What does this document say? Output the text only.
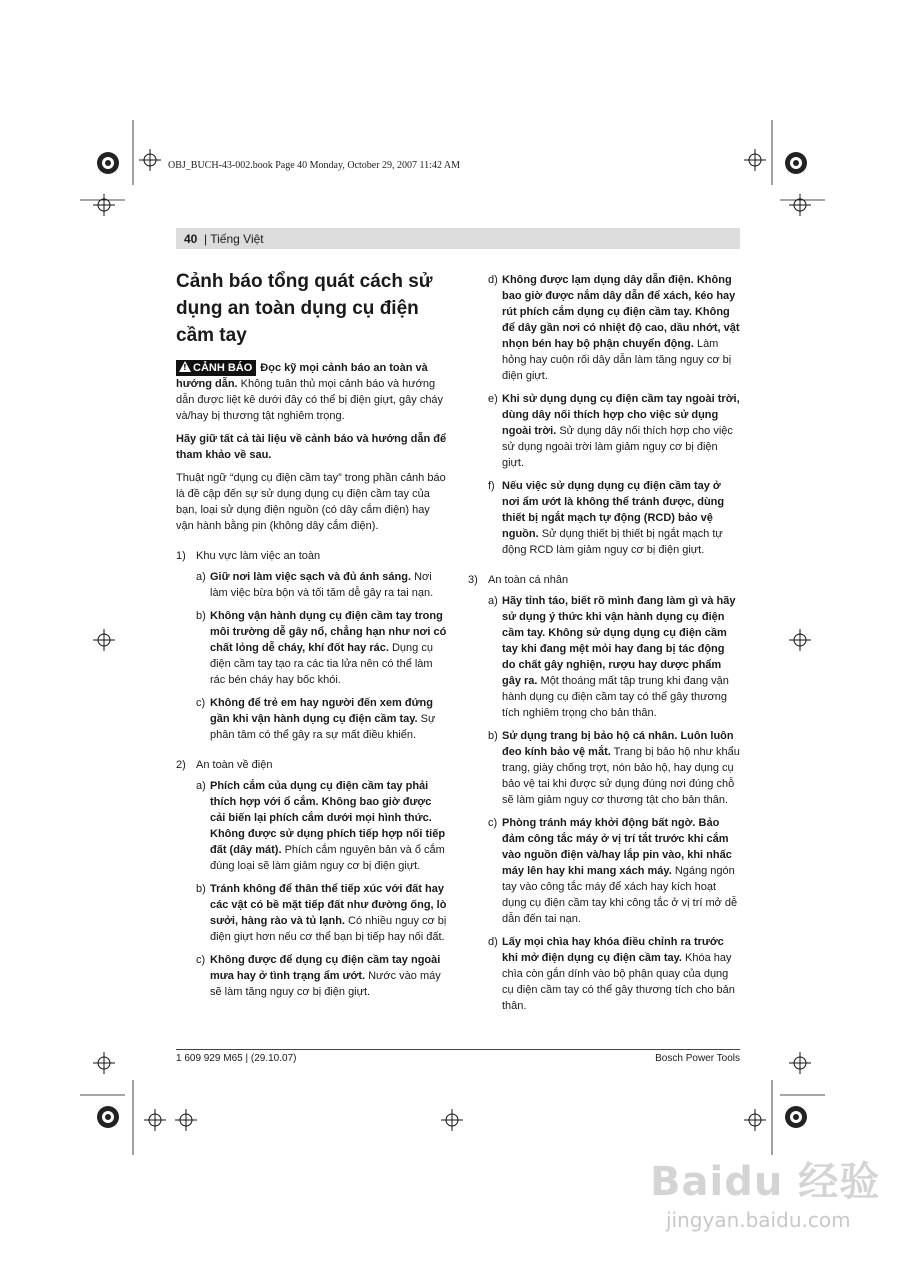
OBJ_BUCH-43-002.book Page 40 Monday, October 29, 2007 11:42 AM
40 | Tiếng Việt
Cảnh báo tổng quát cách sử dụng an toàn dụng cụ điện cầm tay

! CẢNH BÁO Đọc kỹ mọi cảnh báo an toàn và hướng dẫn. Không tuân thủ mọi cảnh báo và hướng dẫn được liệt kê dưới đây có thể bị điện giựt, gây cháy và/hay bị thương tật nghiêm trọng.

Hãy giữ tất cả tài liệu về cảnh báo và hướng dẫn để tham khảo về sau.

Thuật ngữ “dụng cụ điện cầm tay” trong phần cảnh báo là đề cập đến sự sử dụng dụng cụ điện cầm tay của bạn, loại sử dụng điện nguồn (có dây cắm điện) hay vận hành bằng pin (không dây cắm điện).

1) Khu vực làm việc an toàn
a) Giữ nơi làm việc sạch và đủ ánh sáng. Nơi làm việc bừa bộn và tối tăm dễ gây ra tai nạn.
b) Không vận hành dụng cụ điện cầm tay trong môi trường dễ gây nổ, chẳng hạn như nơi có chất lỏng dễ cháy, khí đốt hay rác. Dụng cụ điện cầm tay tạo ra các tia lửa nên có thể làm rác bén cháy hay bốc khói.
c) Không để trẻ em hay người đến xem đứng gần khi vận hành dụng cụ điện cầm tay. Sự phân tâm có thể gây ra sự mất điều khiển.
2) An toàn về điện
a) Phích cắm của dụng cụ điện cầm tay phải thích hợp với ổ cắm. Không bao giờ được cải biến lại phích cắm dưới mọi hình thức. Không được sử dụng phích tiếp hợp nối tiếp đất (dây mát). Phích cắm nguyên bản và ổ cắm đúng loại sẽ làm giảm nguy cơ bị điện giựt.
b) Tránh không để thân thể tiếp xúc với đất hay các vật có bề mặt tiếp đất như đường ống, lò sưởi, hàng rào và tủ lạnh. Có nhiều nguy cơ bị điện giựt hơn nếu cơ thể bạn bị tiếp hay nối đất.
c) Không được để dụng cụ điện cầm tay ngoài mưa hay ở tình trạng ẩm ướt. Nước vào máy sẽ làm tăng nguy cơ bị điện giựt.
d) Không được lạm dụng dây dẫn điện. Không bao giờ được nắm dây dẫn để xách, kéo hay rút phích cắm dụng cụ điện cầm tay. Không để dây gần nơi có nhiệt độ cao, dầu nhớt, vật nhọn bén hay bộ phận chuyển động. Làm hỏng hay cuộn rối dây dẫn làm tăng nguy cơ bị điện giựt.
e) Khi sử dụng dụng cụ điện cầm tay ngoài trời, dùng dây nối thích hợp cho việc sử dụng ngoài trời. Sử dụng dây nối thích hợp cho việc sử dụng ngoài trời làm giảm nguy cơ bị điện giựt.
f) Nếu việc sử dụng dụng cụ điện cầm tay ở nơi ẩm ướt là không thể tránh được, dùng thiết bị ngắt mạch tự động (RCD) bảo vệ nguồn. Sử dụng thiết bị thiết bị ngắt mạch tự động RCD làm giảm nguy cơ bị điện giựt.
3) An toàn cá nhân
a) Hãy tỉnh táo, biết rõ mình đang làm gì và hãy sử dụng ý thức khi vận hành dụng cụ điện cầm tay. Không sử dụng dụng cụ điện cầm tay khi đang mệt mỏi hay đang bị tác động do chất gây nghiện, rượu hay dược phẩm gây ra. Một thoáng mất tập trung khi đang vận hành dụng cụ điện cầm tay có thể gây thương tích nghiêm trọng cho bản thân.
b) Sử dụng trang bị bảo hộ cá nhân. Luôn luôn đeo kính bảo vệ mắt. Trang bị bảo hộ như khẩu trang, giày chống trợt, nón bảo hộ, hay dụng cụ bảo vệ tai khi được sử dụng đúng nơi đúng chỗ sẽ làm giảm nguy cơ thương tật cho bản thân.
c) Phòng tránh máy khởi động bất ngờ. Bảo đảm công tắc máy ở vị trí tắt trước khi cắm vào nguồn điện và/hay lắp pin vào, khi nhấc máy lên hay khi mang xách máy. Ngáng ngón tay vào công tắc máy để xách hay kích hoạt dụng cụ điện cầm tay khi công tắc ở vị trí mở dễ dẫn đến tai nạn.
d) Lấy mọi chìa hay khóa điều chỉnh ra trước khi mở điện dụng cụ điện cầm tay. Khóa hay chìa còn gắn dính vào bộ phận quay của dụng cụ điện cầm tay có thể gây thương tích cho bản thân.
1 609 929 M65 | (29.10.07)	Bosch Power Tools
Baidu 经验
jingyan.baidu.com
